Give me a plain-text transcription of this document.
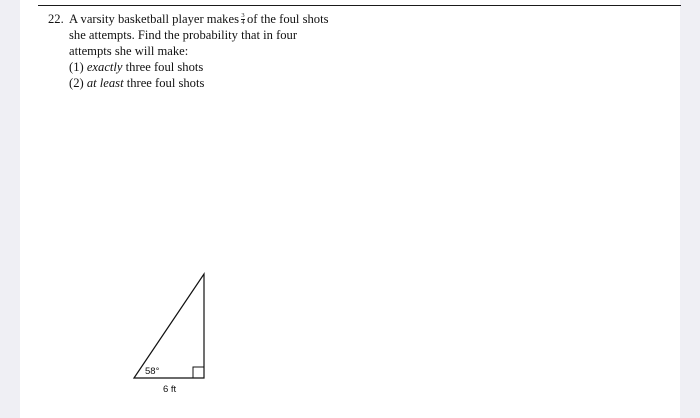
22. A varsity basketball player makes $\frac{3}{4}$ of the foul shots
she attempts. Find the probability that in four
attempts she will make:
(1) exactly three foul shots
(2) at least three foul shots
58°
6 ft
